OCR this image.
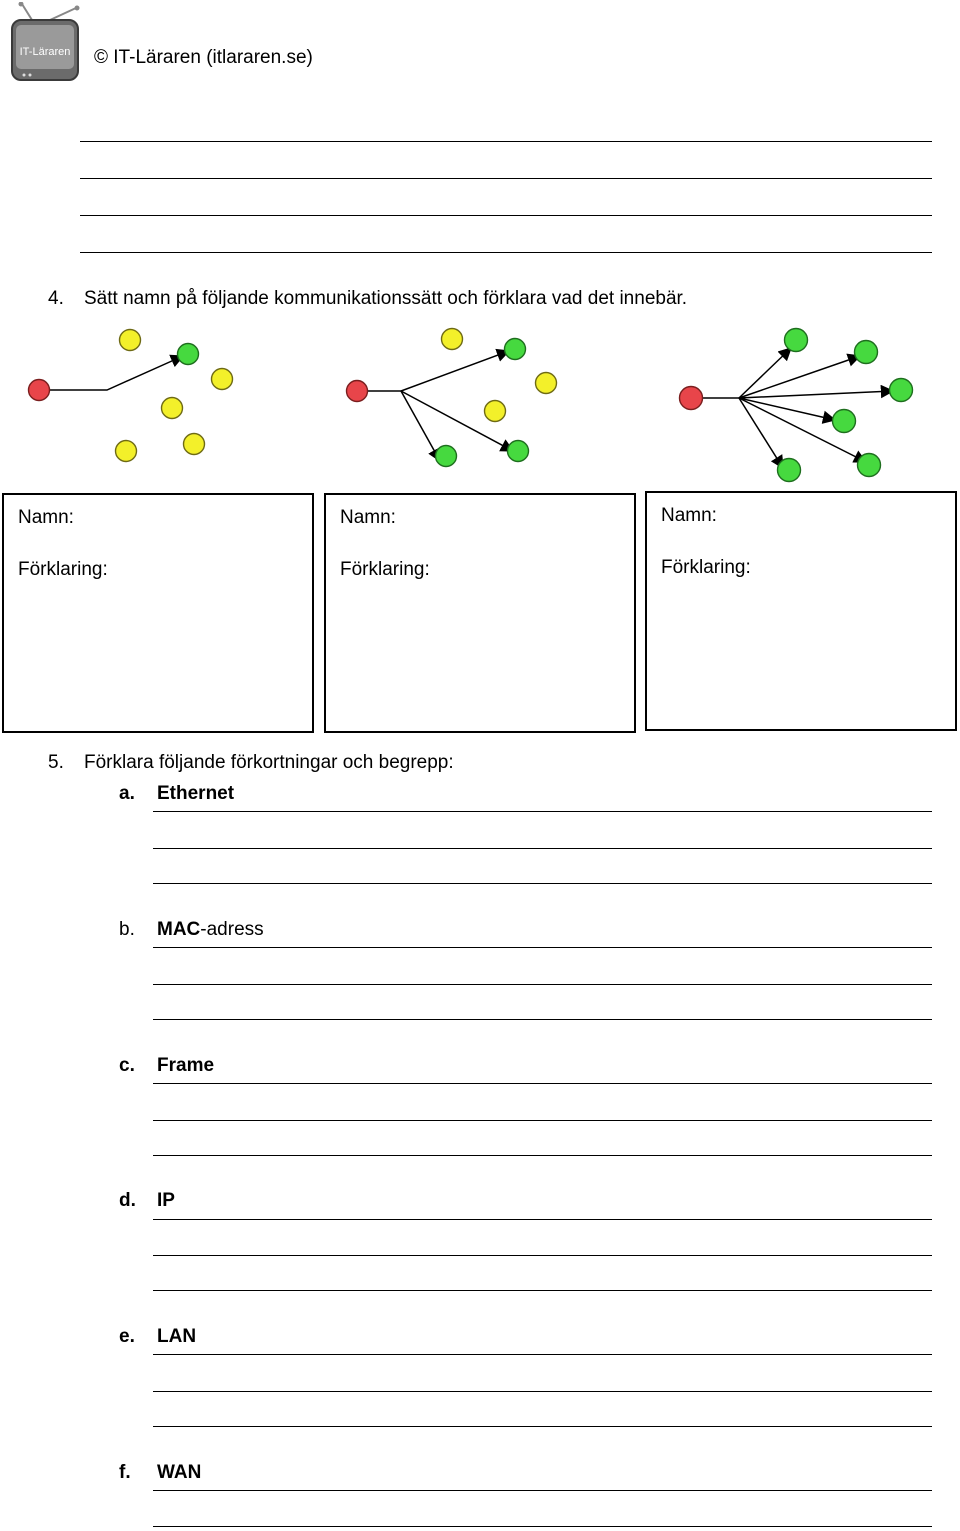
IT-Läraren © IT-Läraren (itlararen.se)
4. Sätt namn på följande kommunikationssätt och förklara vad det innebär.
Namn:
Förklaring:
Namn:
Förklaring:
Namn:
Förklaring:
5. Förklara följande förkortningar och begrepp:
a. Ethernet
b. MAC-adress
c. Frame
d. IP
e. LAN
f. WAN
